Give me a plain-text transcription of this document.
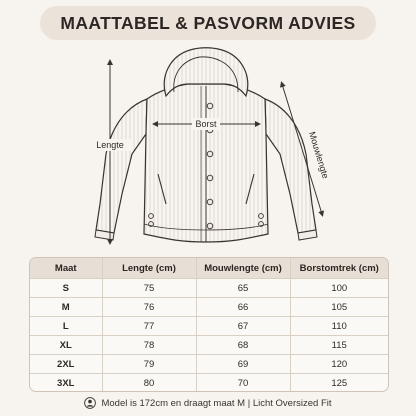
MAATTABEL & PASVORM ADVIES
Lengte
Borst
Mouwlengte
Maat	Lengte (cm)	Mouwlengte (cm)	Borstomtrek (cm)
S	75	65	100
M	76	66	105
L	77	67	110
XL	78	68	115
2XL	79	69	120
3XL	80	70	125
Model is 172cm en draagt maat M | Licht Oversized Fit
